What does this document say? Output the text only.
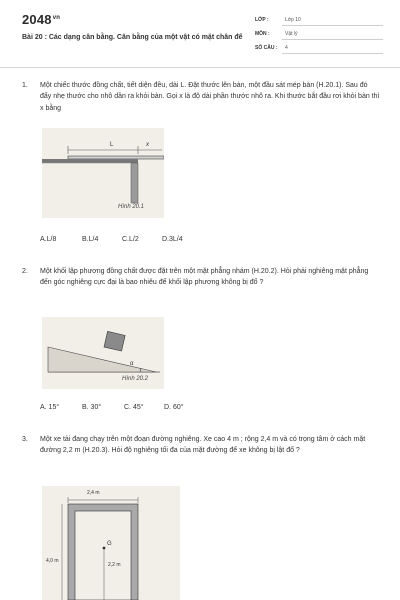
$2048^{vn}$
Bài 20 : Các dạng cân bằng. Cân bằng của một vật có mặt chân đế
LỚP :	Lớp 10
MÔN :	Vật lý
SỐ CÂU : 4
1. Một chiếc thước đồng chất, tiết diện đều, dài L. Đặt thước lên bàn, một đầu sát mép bàn (H.20.1). Sau đó đẩy nhẹ thước cho nhô dần ra khỏi bàn. Gọi x là độ dài phần thước nhô ra. Khi thước bắt đầu rơi khỏi bàn thì x bằng
L	x
Hình 20.1
A.L/8	B.L/4	C.L/2	D.3L/4
2. Một khối lập phương đồng chất được đặt trên một mặt phẳng nhám (H.20.2). Hỏi phải nghiêng mặt phẳng đến góc nghiêng cực đại là bao nhiêu để khối lập phương không bị đổ ?
α
Hình 20.2
A. 15°	B. 30°	C. 45°	D. 60°
3. Một xe tải đang chạy trên một đoạn đường nghiêng. Xe cao 4 m ; rộng 2,4 m và có trọng tâm ở cách mặt đường 2,2 m (H.20.3). Hỏi độ nghiêng tối đa của mặt đường để xe không bị lật đổ ?
2,4 m
4,0 m
G
2,2 m
